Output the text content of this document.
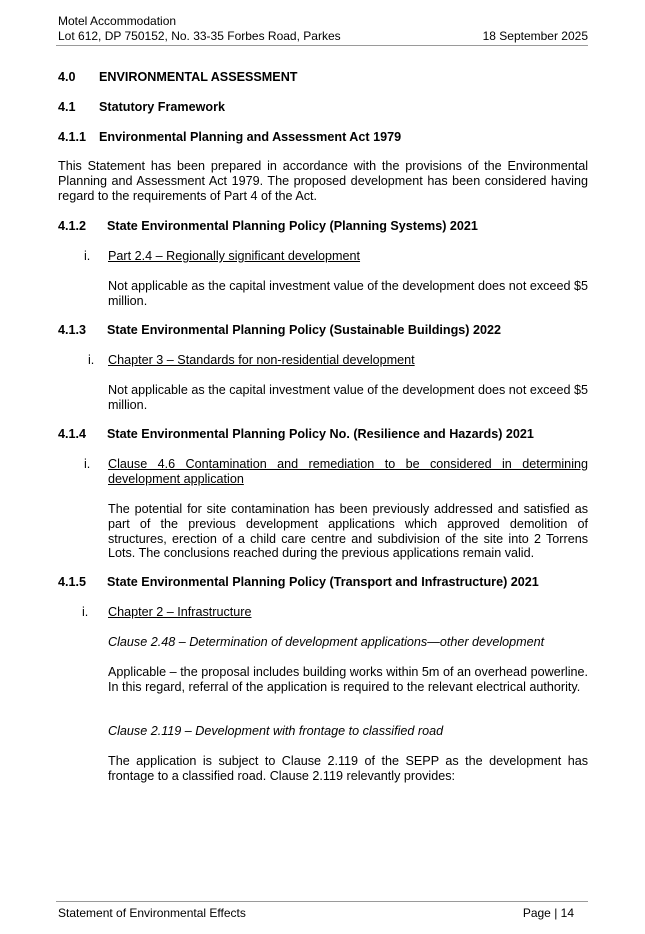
Motel Accommodation
Lot 612, DP 750152, No. 33-35 Forbes Road, Parkes	18 September 2025
4.0 ENVIRONMENTAL ASSESSMENT
4.1 Statutory Framework
4.1.1 Environmental Planning and Assessment Act 1979
This Statement has been prepared in accordance with the provisions of the Environmental Planning and Assessment Act 1979. The proposed development has been considered having regard to the requirements of Part 4 of the Act.
4.1.2 State Environmental Planning Policy (Planning Systems) 2021
i. Part 2.4 – Regionally significant development
Not applicable as the capital investment value of the development does not exceed $5 million.
4.1.3 State Environmental Planning Policy (Sustainable Buildings) 2022
i. Chapter 3 – Standards for non-residential development
Not applicable as the capital investment value of the development does not exceed $5 million.
4.1.4 State Environmental Planning Policy No. (Resilience and Hazards) 2021
i. Clause 4.6 Contamination and remediation to be considered in determining development application
The potential for site contamination has been previously addressed and satisfied as part of the previous development applications which approved demolition of structures, erection of a child care centre and subdivision of the site into 2 Torrens Lots. The conclusions reached during the previous applications remain valid.
4.1.5 State Environmental Planning Policy (Transport and Infrastructure) 2021
i. Chapter 2 – Infrastructure
Clause 2.48 – Determination of development applications—other development
Applicable – the proposal includes building works within 5m of an overhead powerline. In this regard, referral of the application is required to the relevant electrical authority.
Clause 2.119 – Development with frontage to classified road
The application is subject to Clause 2.119 of the SEPP as the development has frontage to a classified road. Clause 2.119 relevantly provides:
Statement of Environmental Effects	Page | 14
